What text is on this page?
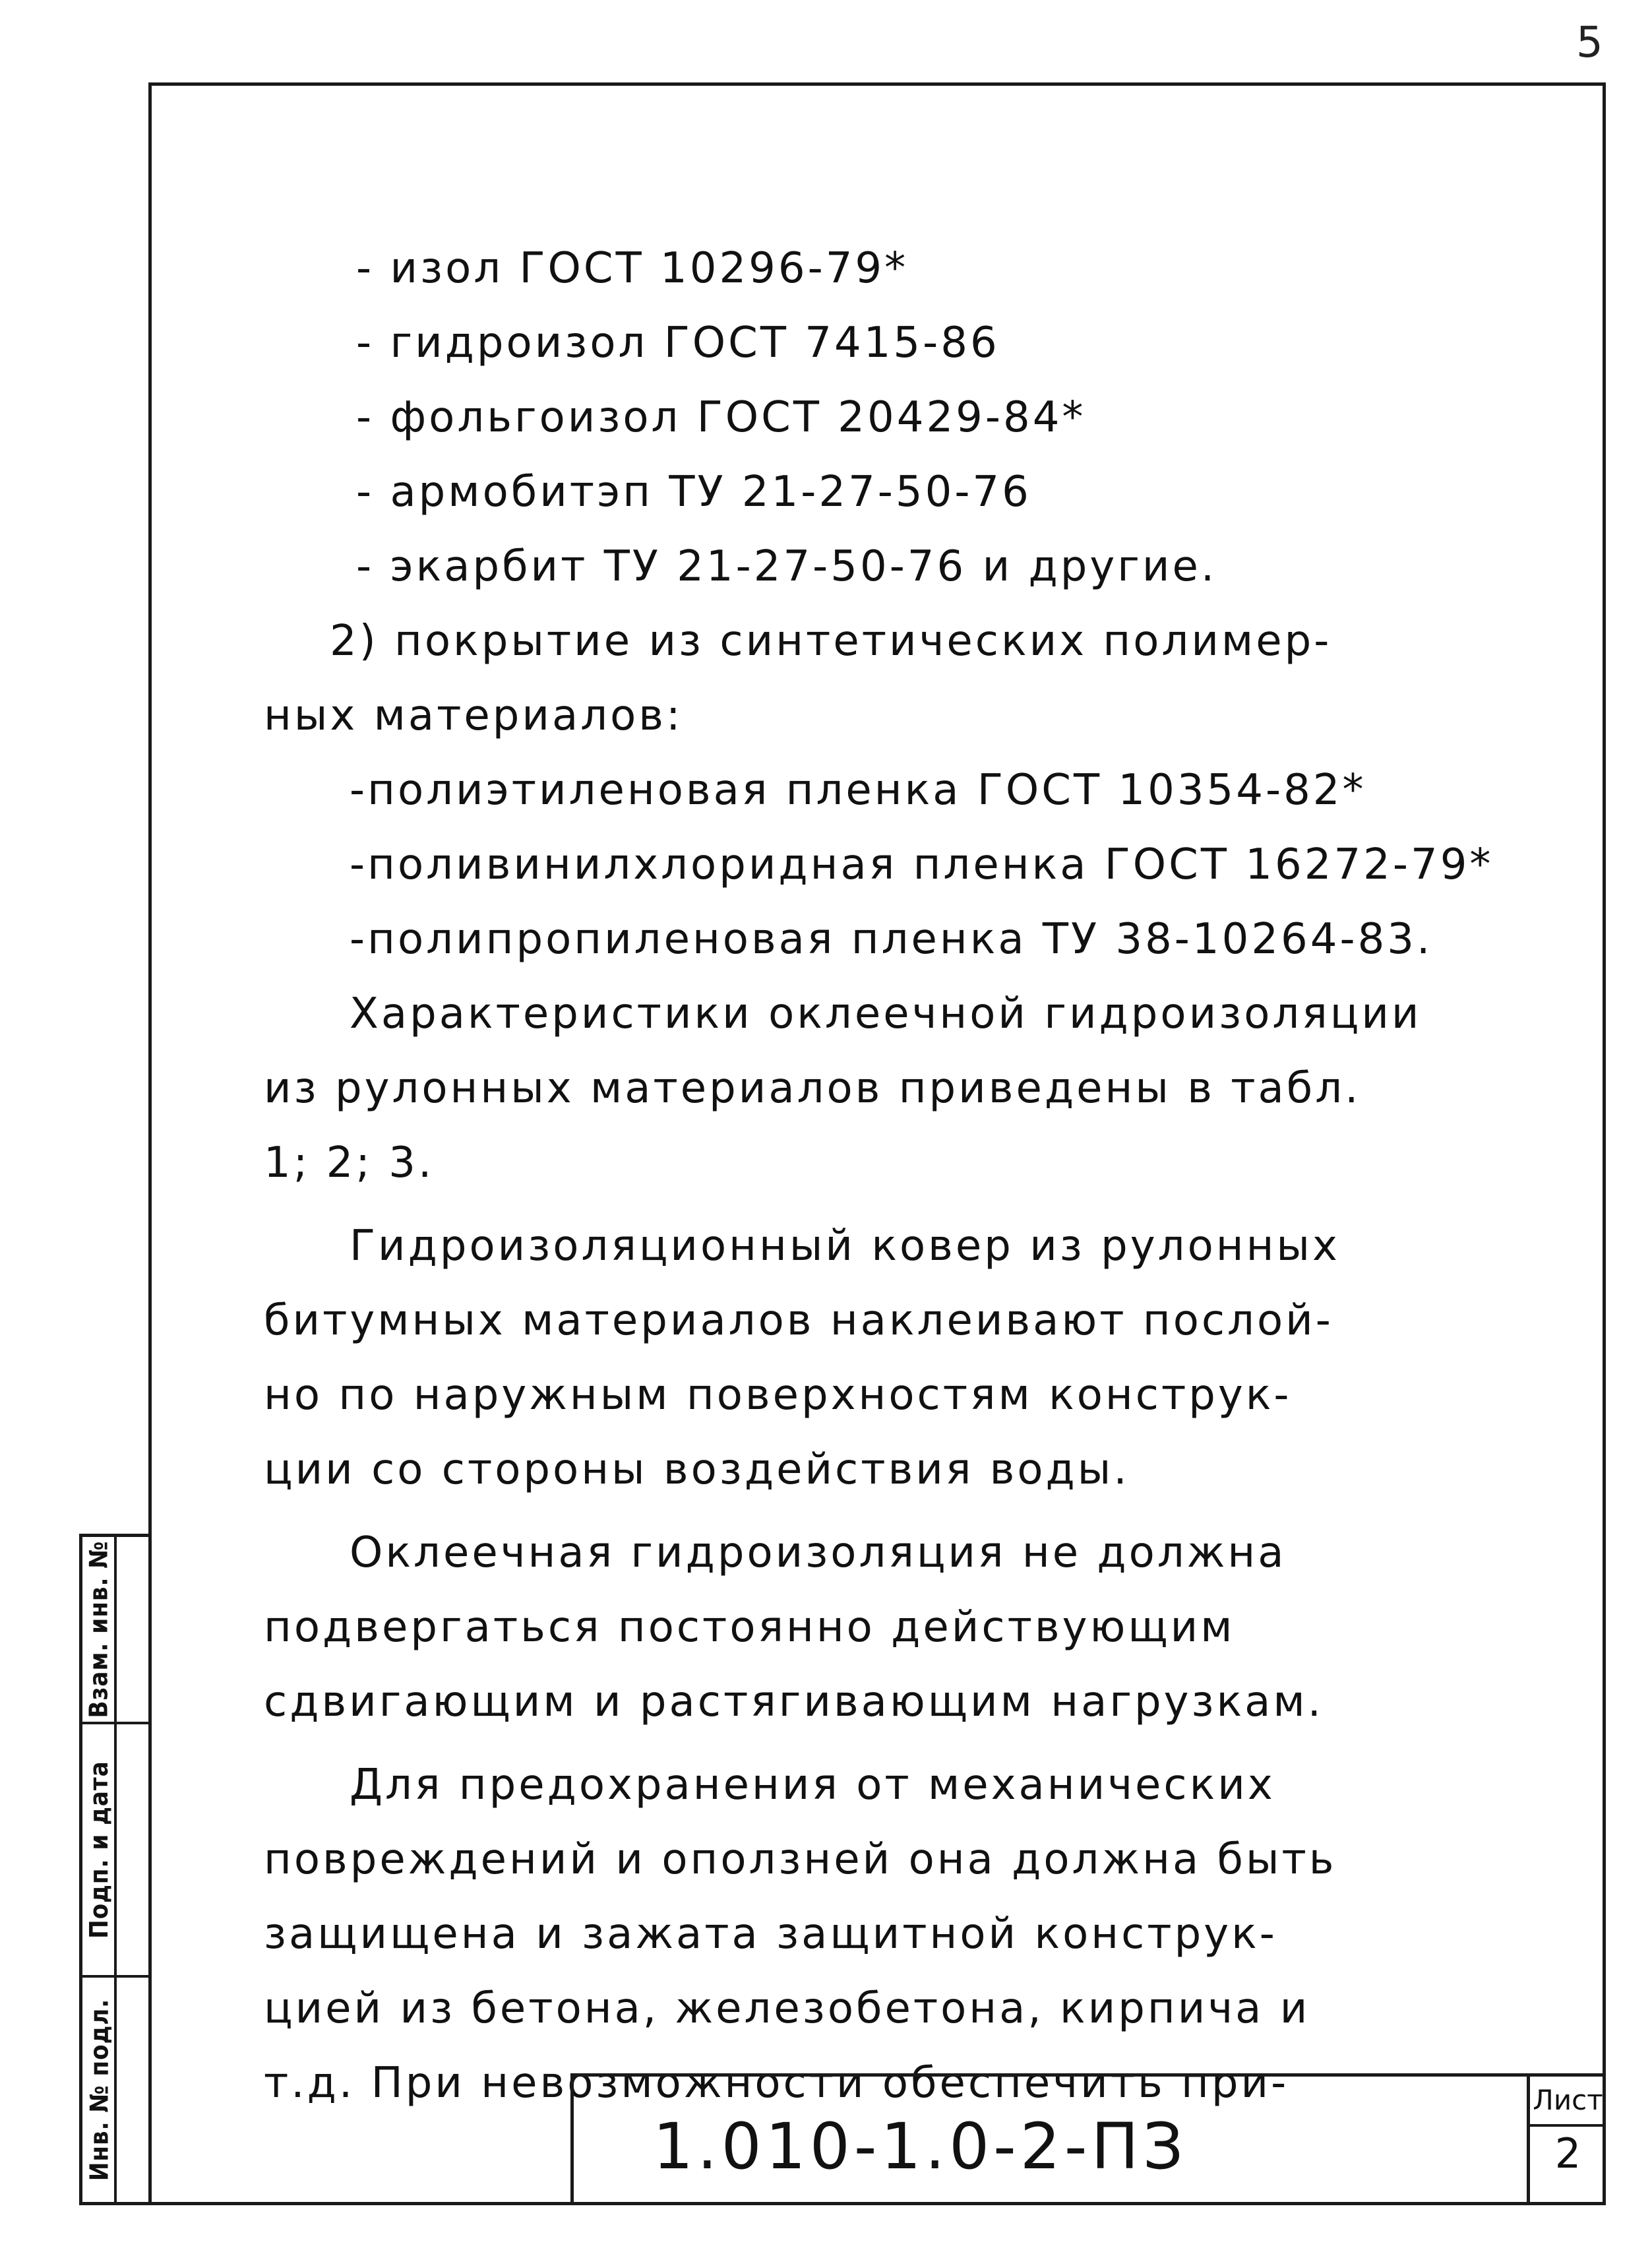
5
Взам. инв. №
Подп. и дата
Инв. № подл.
- изол ГОСТ 10296-79*
- гидроизол ГОСТ 7415-86
- фольгоизол ГОСТ 20429-84*
- армобитэп ТУ 21-27-50-76
- экарбит ТУ 21-27-50-76 и другие.
2) покрытие из синтетических полимер-
ных материалов:
-полиэтиленовая пленка ГОСТ 10354-82*
-поливинилхлоридная пленка ГОСТ 16272-79*
-полипропиленовая пленка ТУ 38-10264-83.
Характеристики оклеечной гидроизоляции
из рулонных материалов приведены в табл.
1; 2; 3.
Гидроизоляционный ковер из рулонных
битумных материалов наклеивают послой-
но по наружным поверхностям конструк-
ции со стороны воздействия воды.
Оклеечная гидроизоляция не должна
подвергаться постоянно действующим
сдвигающим и растягивающим нагрузкам.
Для предохранения от механических
повреждений и оползней она должна быть
защищена и зажата защитной конструк-
цией из бетона, железобетона, кирпича и
т.д. При невозможности обеспечить при-
1.010-1.0-2-ПЗ
Лист
2
